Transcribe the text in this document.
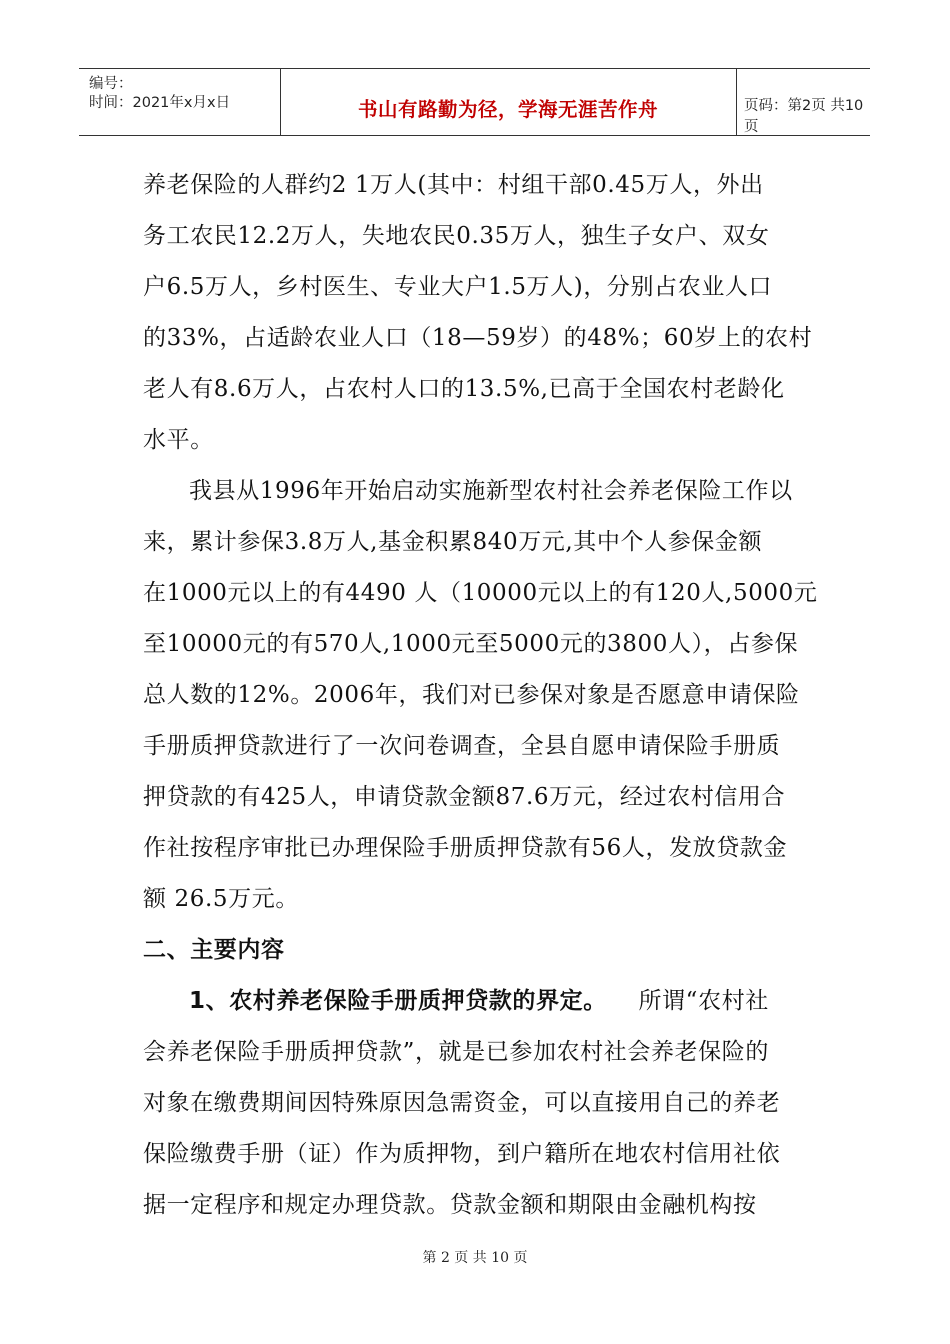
编号：
时间：2021年x月x日	书山有路勤为径，学海无涯苦作舟	页码：第2页 共10页
养老保险的人群约2 1万人(其中：村组干部0.45万人，外出
务工农民12.2万人，失地农民0.35万人，独生子女户、双女
户6.5万人，乡村医生、专业大户1.5万人)，分别占农业人口
的33%，占适龄农业人口（18—59岁）的48%；60岁上的农村
老人有8.6万人，占农村人口的13.5%,已高于全国农村老龄化
水平。
我县从1996年开始启动实施新型农村社会养老保险工作以
来，累计参保3.8万人,基金积累840万元,其中个人参保金额
在1000元以上的有4490 人（10000元以上的有120人,5000元
至10000元的有570人,1000元至5000元的3800人），占参保
总人数的12%。2006年，我们对已参保对象是否愿意申请保险
手册质押贷款进行了一次问卷调查，全县自愿申请保险手册质
押贷款的有425人，申请贷款金额87.6万元，经过农村信用合
作社按程序审批已办理保险手册质押贷款有56人，发放贷款金
额 26.5万元。
二、主要内容
1、农村养老保险手册质押贷款的界定。    所谓“农村社
会养老保险手册质押贷款”，就是已参加农村社会养老保险的
对象在缴费期间因特殊原因急需资金，可以直接用自己的养老
保险缴费手册（证）作为质押物，到户籍所在地农村信用社依
据一定程序和规定办理贷款。贷款金额和期限由金融机构按
第 2 页 共 10 页
